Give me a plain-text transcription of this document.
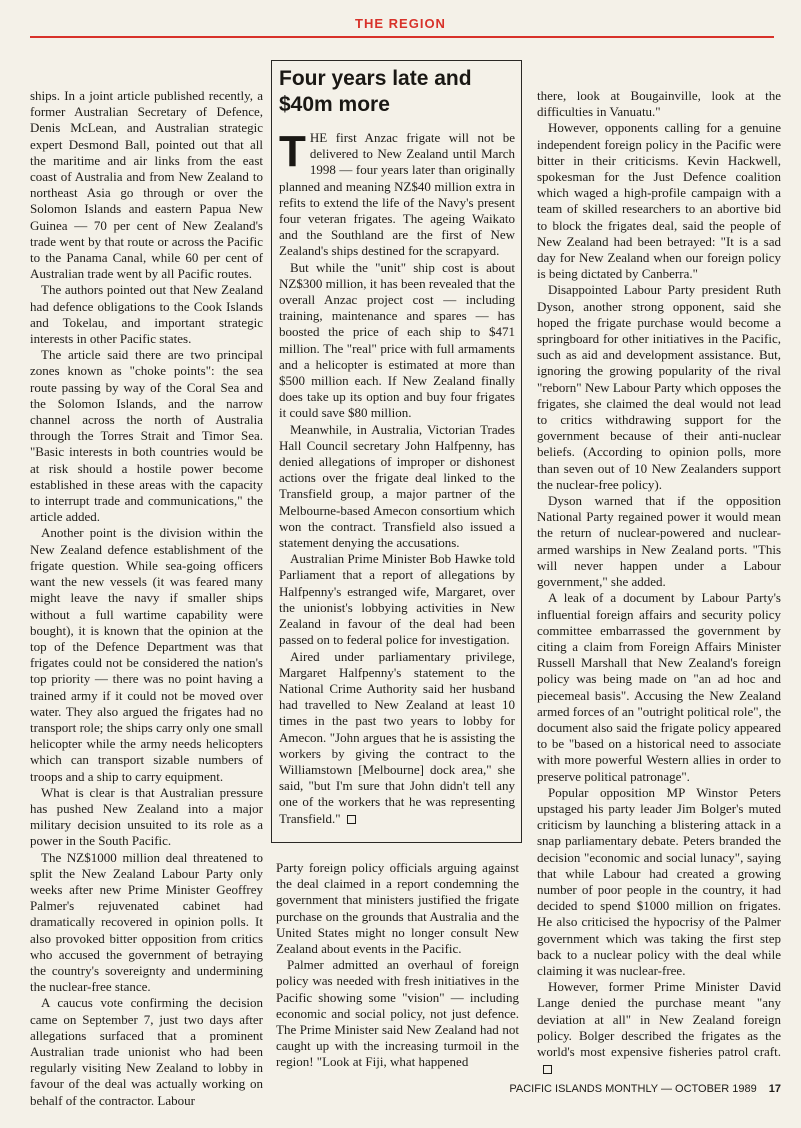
THE REGION

ships. In a joint article published recently, a former Australian Secretary of Defence, Denis McLean, and Australian strategic expert Desmond Ball, pointed out that all the maritime and air links from the east coast of Australia and from New Zealand to northeast Asia go through or over the Solomon Islands and eastern Papua New Guinea — 70 per cent of New Zealand's trade went by that route or across the Pacific to the Panama Canal, while 60 per cent of Australian trade went by all Pacific routes.

The authors pointed out that New Zealand had defence obligations to the Cook Islands and Tokelau, and important strategic interests in other Pacific states.

The article said there are two principal zones known as "choke points": the sea route passing by way of the Coral Sea and the Solomon Islands, and the narrow channel across the north of Australia through the Torres Strait and Timor Sea. "Basic interests in both countries would be at risk should a hostile power become established in these areas with the capacity to interrupt trade and communications," the article added.

Another point is the division within the New Zealand defence establishment of the frigate question. While sea-going officers want the new vessels (it was feared many might leave the navy if smaller ships without a full wartime capability were bought), it is known that the opinion at the top of the Defence Department was that frigates could not be considered the nation's top priority — there was no point having a trained army if it could not be moved over water. They also argued the frigates had no transport role; the ships carry only one small helicopter while the army needs helicopters which can transport sizable numbers of troops and a ship to carry equipment.

What is clear is that Australian pressure has pushed New Zealand into a major military decision unsuited to its role as a power in the South Pacific.

The NZ$1000 million deal threatened to split the New Zealand Labour Party only weeks after new Prime Minister Geoffrey Palmer's rejuvenated cabinet had dramatically recovered in opinion polls. It also provoked bitter opposition from critics who accused the government of betraying the country's sovereignty and undermining the nuclear-free stance.

A caucus vote confirming the decision came on September 7, just two days after allegations surfaced that a prominent Australian trade unionist who had been regularly visiting New Zealand to lobby in favour of the deal was actually working on behalf of the contractor. Labour

Four years late and $40m more

THE first Anzac frigate will not be delivered to New Zealand until March 1998 — four years later than originally planned and meaning NZ$40 million extra in refits to extend the life of the Navy's present four veteran frigates. The ageing Waikato and the Southland are the first of New Zealand's ships destined for the scrapyard.

But while the "unit" ship cost is about NZ$300 million, it has been revealed that the overall Anzac project cost — including training, maintenance and spares — has boosted the price of each ship to $471 million. The "real" price with full armaments and a helicopter is estimated at more than $500 million each. If New Zealand finally does take up its option and buy four frigates it could save $80 million.

Meanwhile, in Australia, Victorian Trades Hall Council secretary John Halfpenny, has denied allegations of improper or dishonest actions over the frigate deal linked to the Transfield group, a major partner of the Melbourne-based Amecon consortium which won the contract. Transfield also issued a statement denying the accusations.

Australian Prime Minister Bob Hawke told Parliament that a report of allegations by Halfpenny's estranged wife, Margaret, over the unionist's lobbying activities in New Zealand in favour of the deal had been passed on to federal police for investigation.

Aired under parliamentary privilege, Margaret Halfpenny's statement to the National Crime Authority said her husband had travelled to New Zealand at least 10 times in the past two years to lobby for Amecon. "John argues that he is assisting the workers by giving the contract to the Williamstown [Melbourne] dock area," she said, "but I'm sure that John didn't tell any one of the workers that he was representing Transfield."

Party foreign policy officials arguing against the deal claimed in a report condemning the government that ministers justified the frigate purchase on the grounds that Australia and the United States might no longer consult New Zealand about events in the Pacific.

Palmer admitted an overhaul of foreign policy was needed with fresh initiatives in the Pacific showing some "vision" — including economic and social policy, not just defence. The Prime Minister said New Zealand had not caught up with the increasing turmoil in the region! "Look at Fiji, what happened

there, look at Bougainville, look at the difficulties in Vanuatu."

However, opponents calling for a genuine independent foreign policy in the Pacific were bitter in their criticisms. Kevin Hackwell, spokesman for the Just Defence coalition which waged a high-profile campaign with a team of skilled researchers to an abortive bid to block the frigates deal, said the people of New Zealand had been betrayed: "It is a sad day for New Zealand when our foreign policy is being dictated by Canberra."

Disappointed Labour Party president Ruth Dyson, another strong opponent, said she hoped the frigate purchase would become a springboard for other initiatives in the Pacific, such as aid and development assistance. But, ignoring the growing popularity of the rival "reborn" New Labour Party which opposes the frigates, she claimed the deal would not lead to critics withdrawing support for the government because of their anti-nuclear beliefs. (According to opinion polls, more than seven out of 10 New Zealanders support the nuclear-free policy).

Dyson warned that if the opposition National Party regained power it would mean the return of nuclear-powered and nuclear-armed warships in New Zealand ports. "This will never happen under a Labour government," she added.

A leak of a document by Labour Party's influential foreign affairs and security policy committee embarrassed the government by citing a claim from Foreign Affairs Minister Russell Marshall that New Zealand's foreign policy was being made on "an ad hoc and piecemeal basis". Accusing the New Zealand armed forces of an "outright political role", the document also said the frigate policy appeared to be "based on a historical need to associate with more powerful Western allies in order to preserve political patronage".

Popular opposition MP Winstor Peters upstaged his party leader Jim Bolger's muted criticism by launching a blistering attack in a snap parliamentary debate. Peters branded the decision "economic and social lunacy", saying that while Labour had created a growing number of poor people in the country, it had decided to spend $1000 million on frigates. He also criticised the hypocrisy of the Palmer government which was taking the first step back to a nuclear policy with the deal while claiming it was nuclear-free.

However, former Prime Minister David Lange denied the purchase meant "any deviation at all" in New Zealand foreign policy. Bolger described the frigates as the world's most expensive fisheries patrol craft.

PACIFIC ISLANDS MONTHLY — OCTOBER 1989 17
